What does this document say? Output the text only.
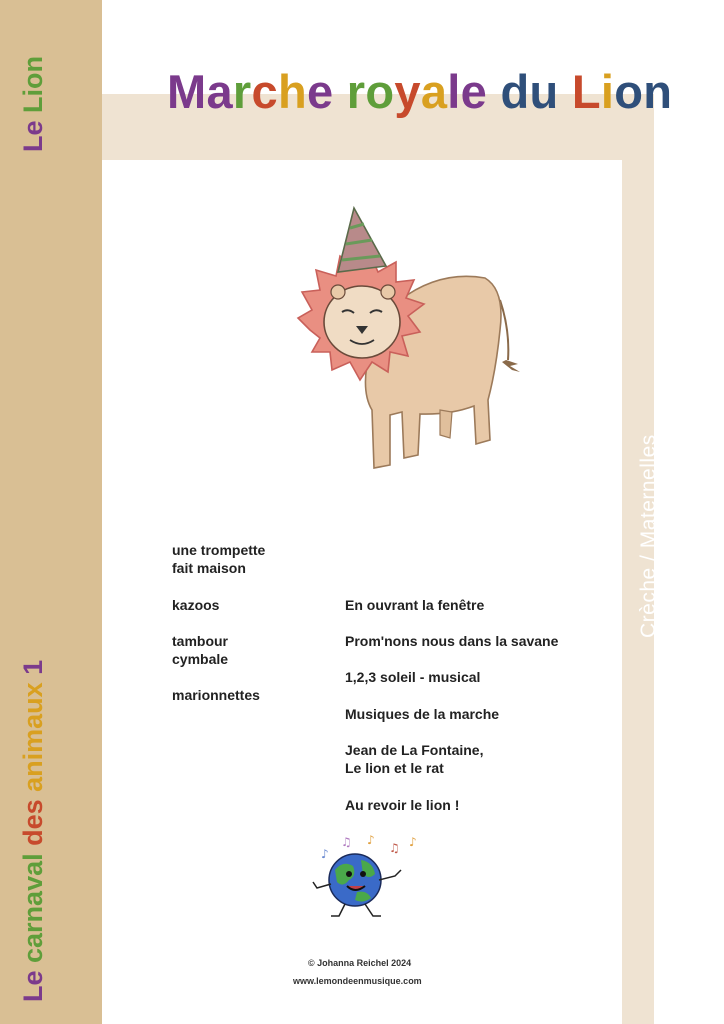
Le Lion
Le carnaval des animaux 1
Crèche / Maternelles
Marche royale du Lion
une trompette
fait maison
kazoos
tambour
cymbale
marionnettes
En ouvrant la fenêtre
Prom'nons nous dans la savane
1,2,3 soleil - musical
Musiques de la marche
Jean de La Fontaine,
Le lion et le rat
Au revoir le lion !
♪
♫ ♪
♫ ♪
© Johanna Reichel 2024
www.lemondeenmusique.com
